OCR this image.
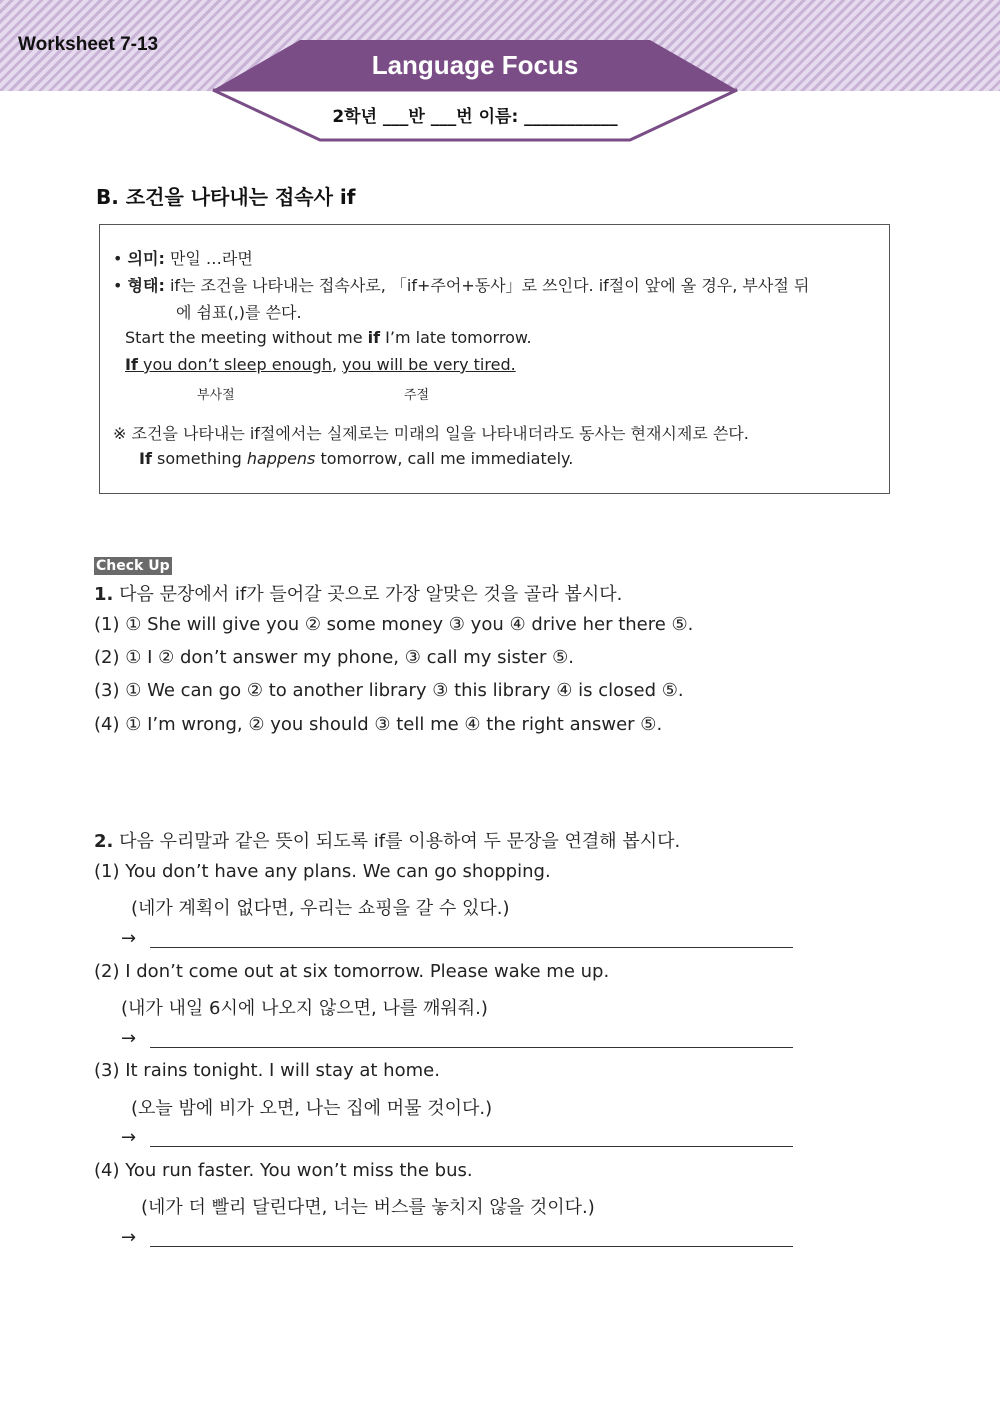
Worksheet 7-13
Language Focus
2학년 ___반 ___번 이름: ___________
B. 조건을 나타내는 접속사 if
• 의미: 만일 …라면
• 형태: if는 조건을 나타내는 접속사로, 「if+주어+동사」로 쓰인다. if절이 앞에 올 경우, 부사절 뒤
에 쉼표(,)를 쓴다.
Start the meeting without me if I’m late tomorrow.
If you don’t sleep enough, you will be very tired.
부사절	주절
※ 조건을 나타내는 if절에서는 실제로는 미래의 일을 나타내더라도 동사는 현재시제로 쓴다.
If something happens tomorrow, call me immediately.
Check Up
1. 다음 문장에서 if가 들어갈 곳으로 가장 알맞은 것을 골라 봅시다.
(1) ① She will give you ② some money ③ you ④ drive her there ⑤.
(2) ① I ② don’t answer my phone, ③ call my sister ⑤.
(3) ① We can go ② to another library ③ this library ④ is closed ⑤.
(4) ① I’m wrong, ② you should ③ tell me ④ the right answer ⑤.
2. 다음 우리말과 같은 뜻이 되도록 if를 이용하여 두 문장을 연결해 봅시다.
(1) You don’t have any plans. We can go shopping.
(네가 계획이 없다면, 우리는 쇼핑을 갈 수 있다.)
→
(2) I don’t come out at six tomorrow. Please wake me up.
(내가 내일 6시에 나오지 않으면, 나를 깨워줘.)
→
(3) It rains tonight. I will stay at home.
(오늘 밤에 비가 오면, 나는 집에 머물 것이다.)
→
(4) You run faster. You won’t miss the bus.
(네가 더 빨리 달린다면, 너는 버스를 놓치지 않을 것이다.)
→
